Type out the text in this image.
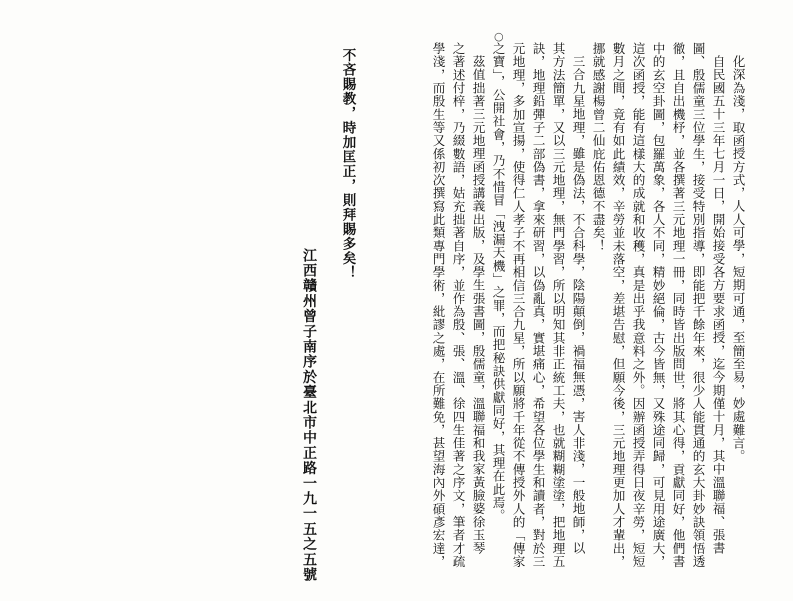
化深為淺，取函授方式，人人可學，短期可通，至簡至易，妙處難言。
自民國五十三年七月一日，開始接受各方要求函授，迄今期僅十月，其中溫聯福、張書
圖、殷儒童三位學生，接受特別指導，即能把千餘年來，很少人能貫通的玄大卦妙訣領悟透
徹，且自出機杼，並各撰著三元地理一冊，同時皆出版問世，將其心得，貢獻同好，他們書
中的玄空卦圖，包羅萬象，各人不同，精妙絕倫，古今皆無，又殊途同歸，可見用途廣大，
這次函授，能有這樣大的成就和收穫，真是出乎我意料之外。因辦函授弄得日夜辛勞，短短
數月之間，竟有如此績效，辛勞並未落空，差堪告慰，但願今後，三元地理更加人才輩出，
挪就感謝楊曾二仙庇佑恩德不盡矣！
三合九星地理，雖是偽法，不合科學，陰陽顛倒，禍福無憑，害人非淺，一般地師，以
其方法簡單，又以三元地理，無門學習，所以明知其非正統工夫，也就糊糊塗塗，把地理五
訣，地理鉛彈子二部偽書，拿來研習，以偽亂真，實堪痛心，希望各位學生和讀者，對於三
元地理，多加宣揚，使得仁人孝子不再相信三合九星，所以願將千年從不傳授外人的「傳家
之寶」，公開社會，乃不惜冒「洩漏天機」之罪，而把秘訣供獻同好，其理在此焉。
茲值拙著三元地理函授講義出版，及學生張書圖，殷儒童，溫聯福和我家黃臉婆徐玉琴
之著述付梓，乃綴數語，姑充拙著自序，並作為殷、張、溫、徐四生佳著之序文，筆者才疏
學淺，而殷生等又係初次撰寫此類專門學術，紕謬之處，在所難免，甚望海內外碩彥宏達，
○
不吝賜教，時加匡正，則拜賜多矣！
江西贛州曾子南序於臺北市中正路一九一五之五號
